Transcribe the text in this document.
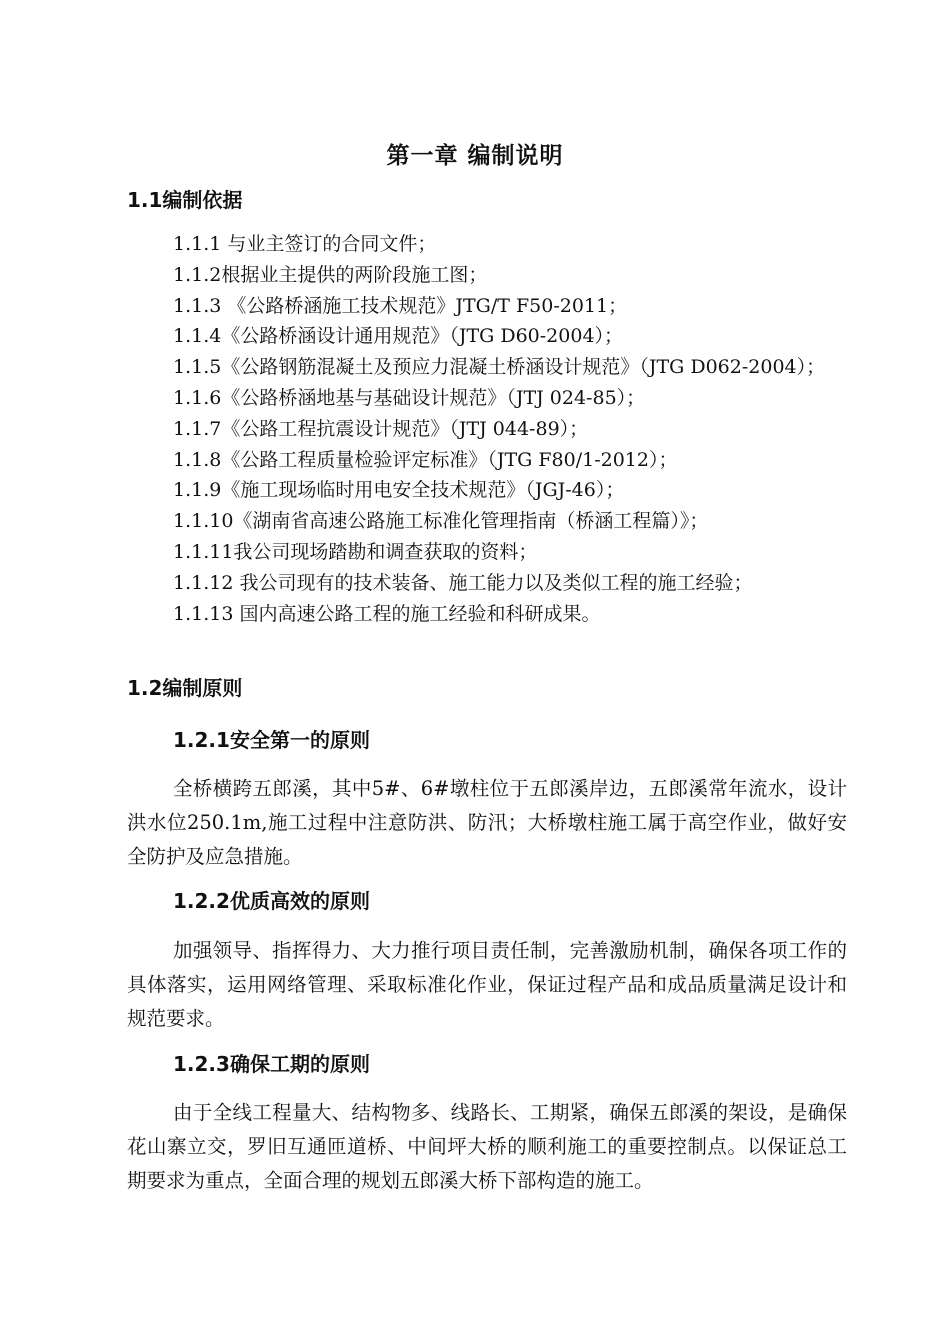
第一章 编制说明
1.1编制依据
1.1.1 与业主签订的合同文件；
1.1.2根据业主提供的两阶段施工图；
1.1.3 《公路桥涵施工技术规范》JTG/T F50-2011；
1.1.4《公路桥涵设计通用规范》（JTG D60-2004）；
1.1.5《公路钢筋混凝土及预应力混凝土桥涵设计规范》（JTG D062-2004）；
1.1.6《公路桥涵地基与基础设计规范》（JTJ 024-85）；
1.1.7《公路工程抗震设计规范》（JTJ 044-89）；
1.1.8《公路工程质量检验评定标准》（JTG F80/1-2012）；
1.1.9《施工现场临时用电安全技术规范》（JGJ-46）；
1.1.10《湖南省高速公路施工标准化管理指南（桥涵工程篇）》；
1.1.11我公司现场踏勘和调查获取的资料；
1.1.12 我公司现有的技术装备、施工能力以及类似工程的施工经验；
1.1.13 国内高速公路工程的施工经验和科研成果。
1.2编制原则
1.2.1安全第一的原则

全桥横跨五郎溪，其中5#、6#墩柱位于五郎溪岸边，五郎溪常年流水，设计洪水位250.1m,施工过程中注意防洪、防汛；大桥墩柱施工属于高空作业，做好安全防护及应急措施。

1.2.2优质高效的原则

加强领导、指挥得力、大力推行项目责任制，完善激励机制，确保各项工作的具体落实，运用网络管理、采取标准化作业，保证过程产品和成品质量满足设计和规范要求。

1.2.3确保工期的原则

由于全线工程量大、结构物多、线路长、工期紧，确保五郎溪的架设，是确保花山寨立交，罗旧互通匝道桥、中间坪大桥的顺利施工的重要控制点。以保证总工期要求为重点，全面合理的规划五郎溪大桥下部构造的施工。
